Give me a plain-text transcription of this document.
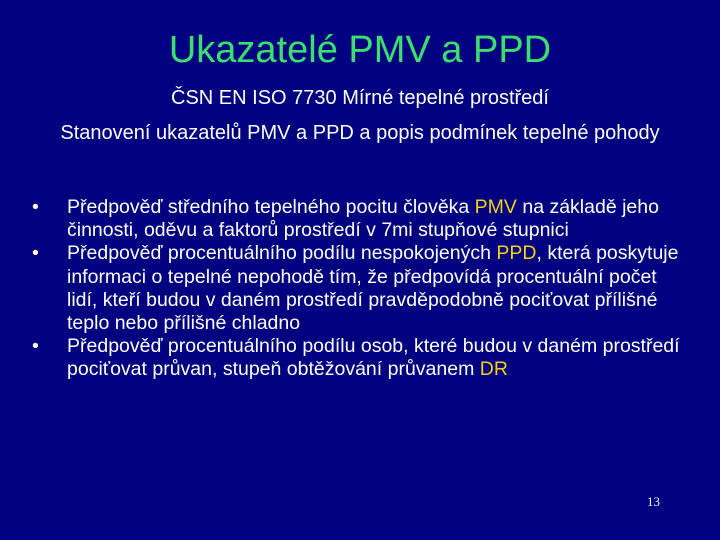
Ukazatelé PMV a PPD
ČSN EN ISO 7730 Mírné tepelné prostředí
Stanovení ukazatelů PMV a PPD a popis podmínek tepelné pohody
• Předpověď středního tepelného pocitu člověka PMV na základě jeho činnosti, oděvu a faktorů prostředí v 7mi stupňové stupnici
• Předpověď procentuálního podílu nespokojených PPD, která poskytuje informaci o tepelné nepohodě tím, že předpovídá procentuální počet lidí, kteří budou v daném prostředí pravděpodobně pociťovat přílišné teplo nebo přílišné chladno
• Předpověď procentuálního podílu osob, které budou v daném prostředí pociťovat průvan, stupeň obtěžování průvanem DR
13
